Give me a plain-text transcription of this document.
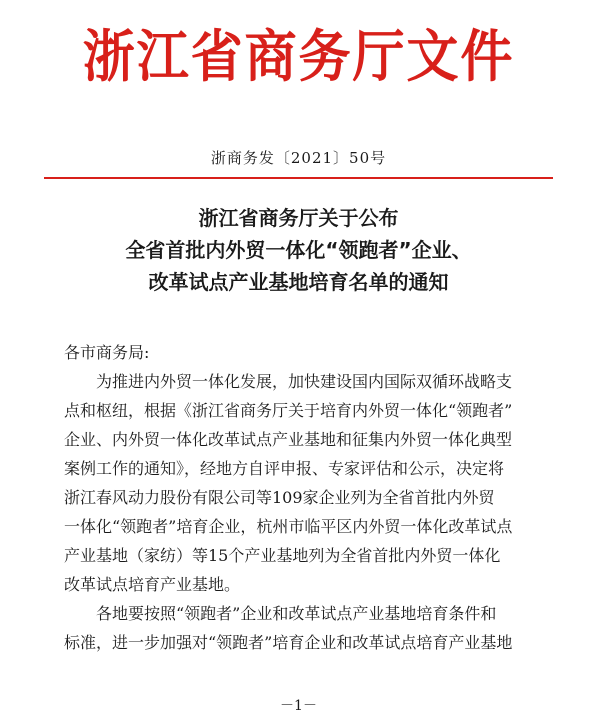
浙江省商务厅文件
浙商务发〔2021〕50号
浙江省商务厅关于公布
全省首批内外贸一体化“领跑者”企业、
改革试点产业基地培育名单的通知

各市商务局:

为推进内外贸一体化发展，加快建设国内国际双循环战略支
点和枢纽，根据《浙江省商务厅关于培育内外贸一体化“领跑者”
企业、内外贸一体化改革试点产业基地和征集内外贸一体化典型
案例工作的通知》，经地方自评申报、专家评估和公示，决定将
浙江春风动力股份有限公司等109家企业列为全省首批内外贸
一体化“领跑者”培育企业，杭州市临平区内外贸一体化改革试点
产业基地（家纺）等15个产业基地列为全省首批内外贸一体化
改革试点培育产业基地。
各地要按照“领跑者”企业和改革试点产业基地培育条件和
标准，进一步加强对“领跑者”培育企业和改革试点培育产业基地
－1－
